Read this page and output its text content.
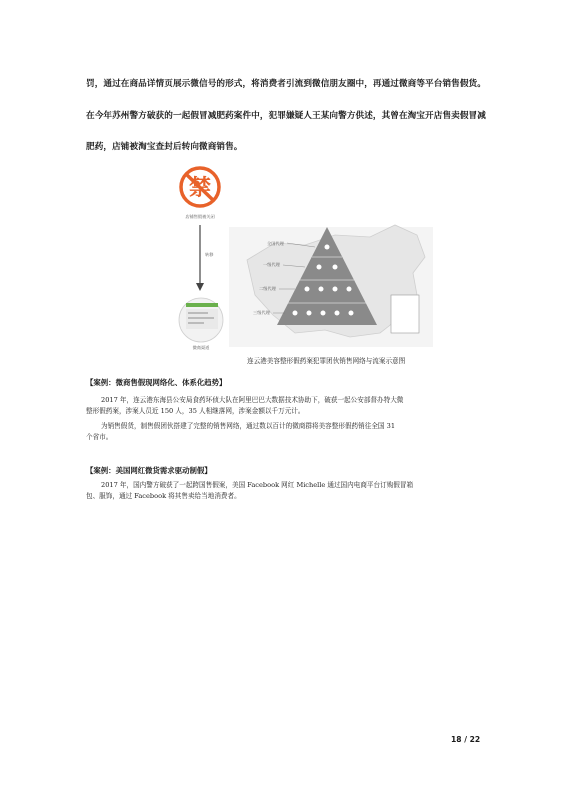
罚，通过在商品详情页展示微信号的形式，将消费者引流到微信朋友圈中，再通过微商等平台销售假货。
在今年苏州警方破获的一起假冒减肥药案件中，犯罪嫌疑人王某向警方供述，其曾在淘宝开店售卖假冒减
肥药，店铺被淘宝查封后转向微商销售。
禁
店铺售假被关闭
转移
微商渠道
全国代理
一级代理
二级代理
三级代理
连云港美容整形假药案犯罪团伙销售网络与流案示意图
【案例：微商售假现网络化、体系化趋势】
2017 年，连云港东海县公安局食药环侦大队在阿里巴巴大数据技术协助下，破获一起公安部督办特大微
整形假药案，涉案人员近 150 人，35 人相继落网，涉案金额以千万元计。
为销售假货，制售假团伙搭建了完整的销售网络，通过数以百计的微商群将美容整形假药销往全国 31
个省市。
【案例：美国网红微货需求驱动制假】
2017 年，国内警方破获了一起跨国售假案，美国 Facebook 网红 Michelle 通过国内电商平台订购假冒箱
包、服饰，通过 Facebook 将其售卖给当地消费者。
18 / 22
